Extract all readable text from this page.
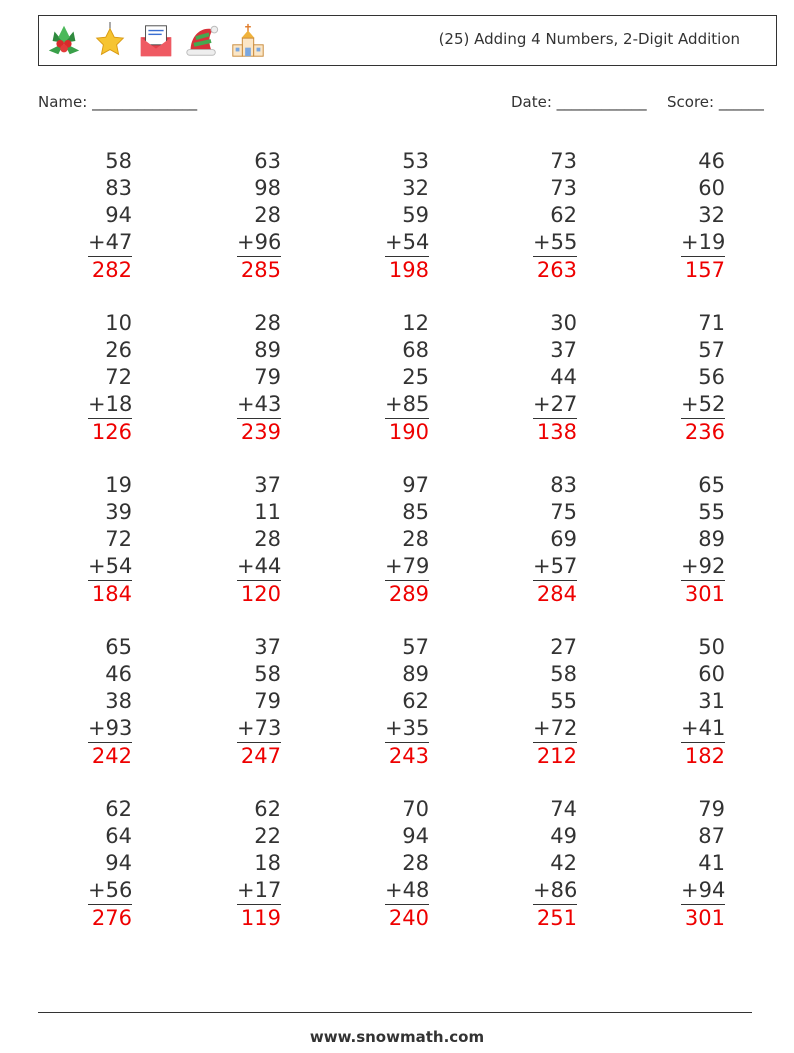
(25) Adding 4 Numbers, 2-Digit Addition
Name: ______________	Date: ____________ Score: ______
58
83
94
+47
282
63
98
28
+96
285
53
32
59
+54
198
73
73
62
+55
263
46
60
32
+19
157
10
26
72
+18
126
28
89
79
+43
239
12
68
25
+85
190
30
37
44
+27
138
71
57
56
+52
236
19
39
72
+54
184
37
11
28
+44
120
97
85
28
+79
289
83
75
69
+57
284
65
55
89
+92
301
65
46
38
+93
242
37
58
79
+73
247
57
89
62
+35
243
27
58
55
+72
212
50
60
31
+41
182
62
64
94
+56
276
62
22
18
+17
119
70
94
28
+48
240
74
49
42
+86
251
79
87
41
+94
301
www.snowmath.com
